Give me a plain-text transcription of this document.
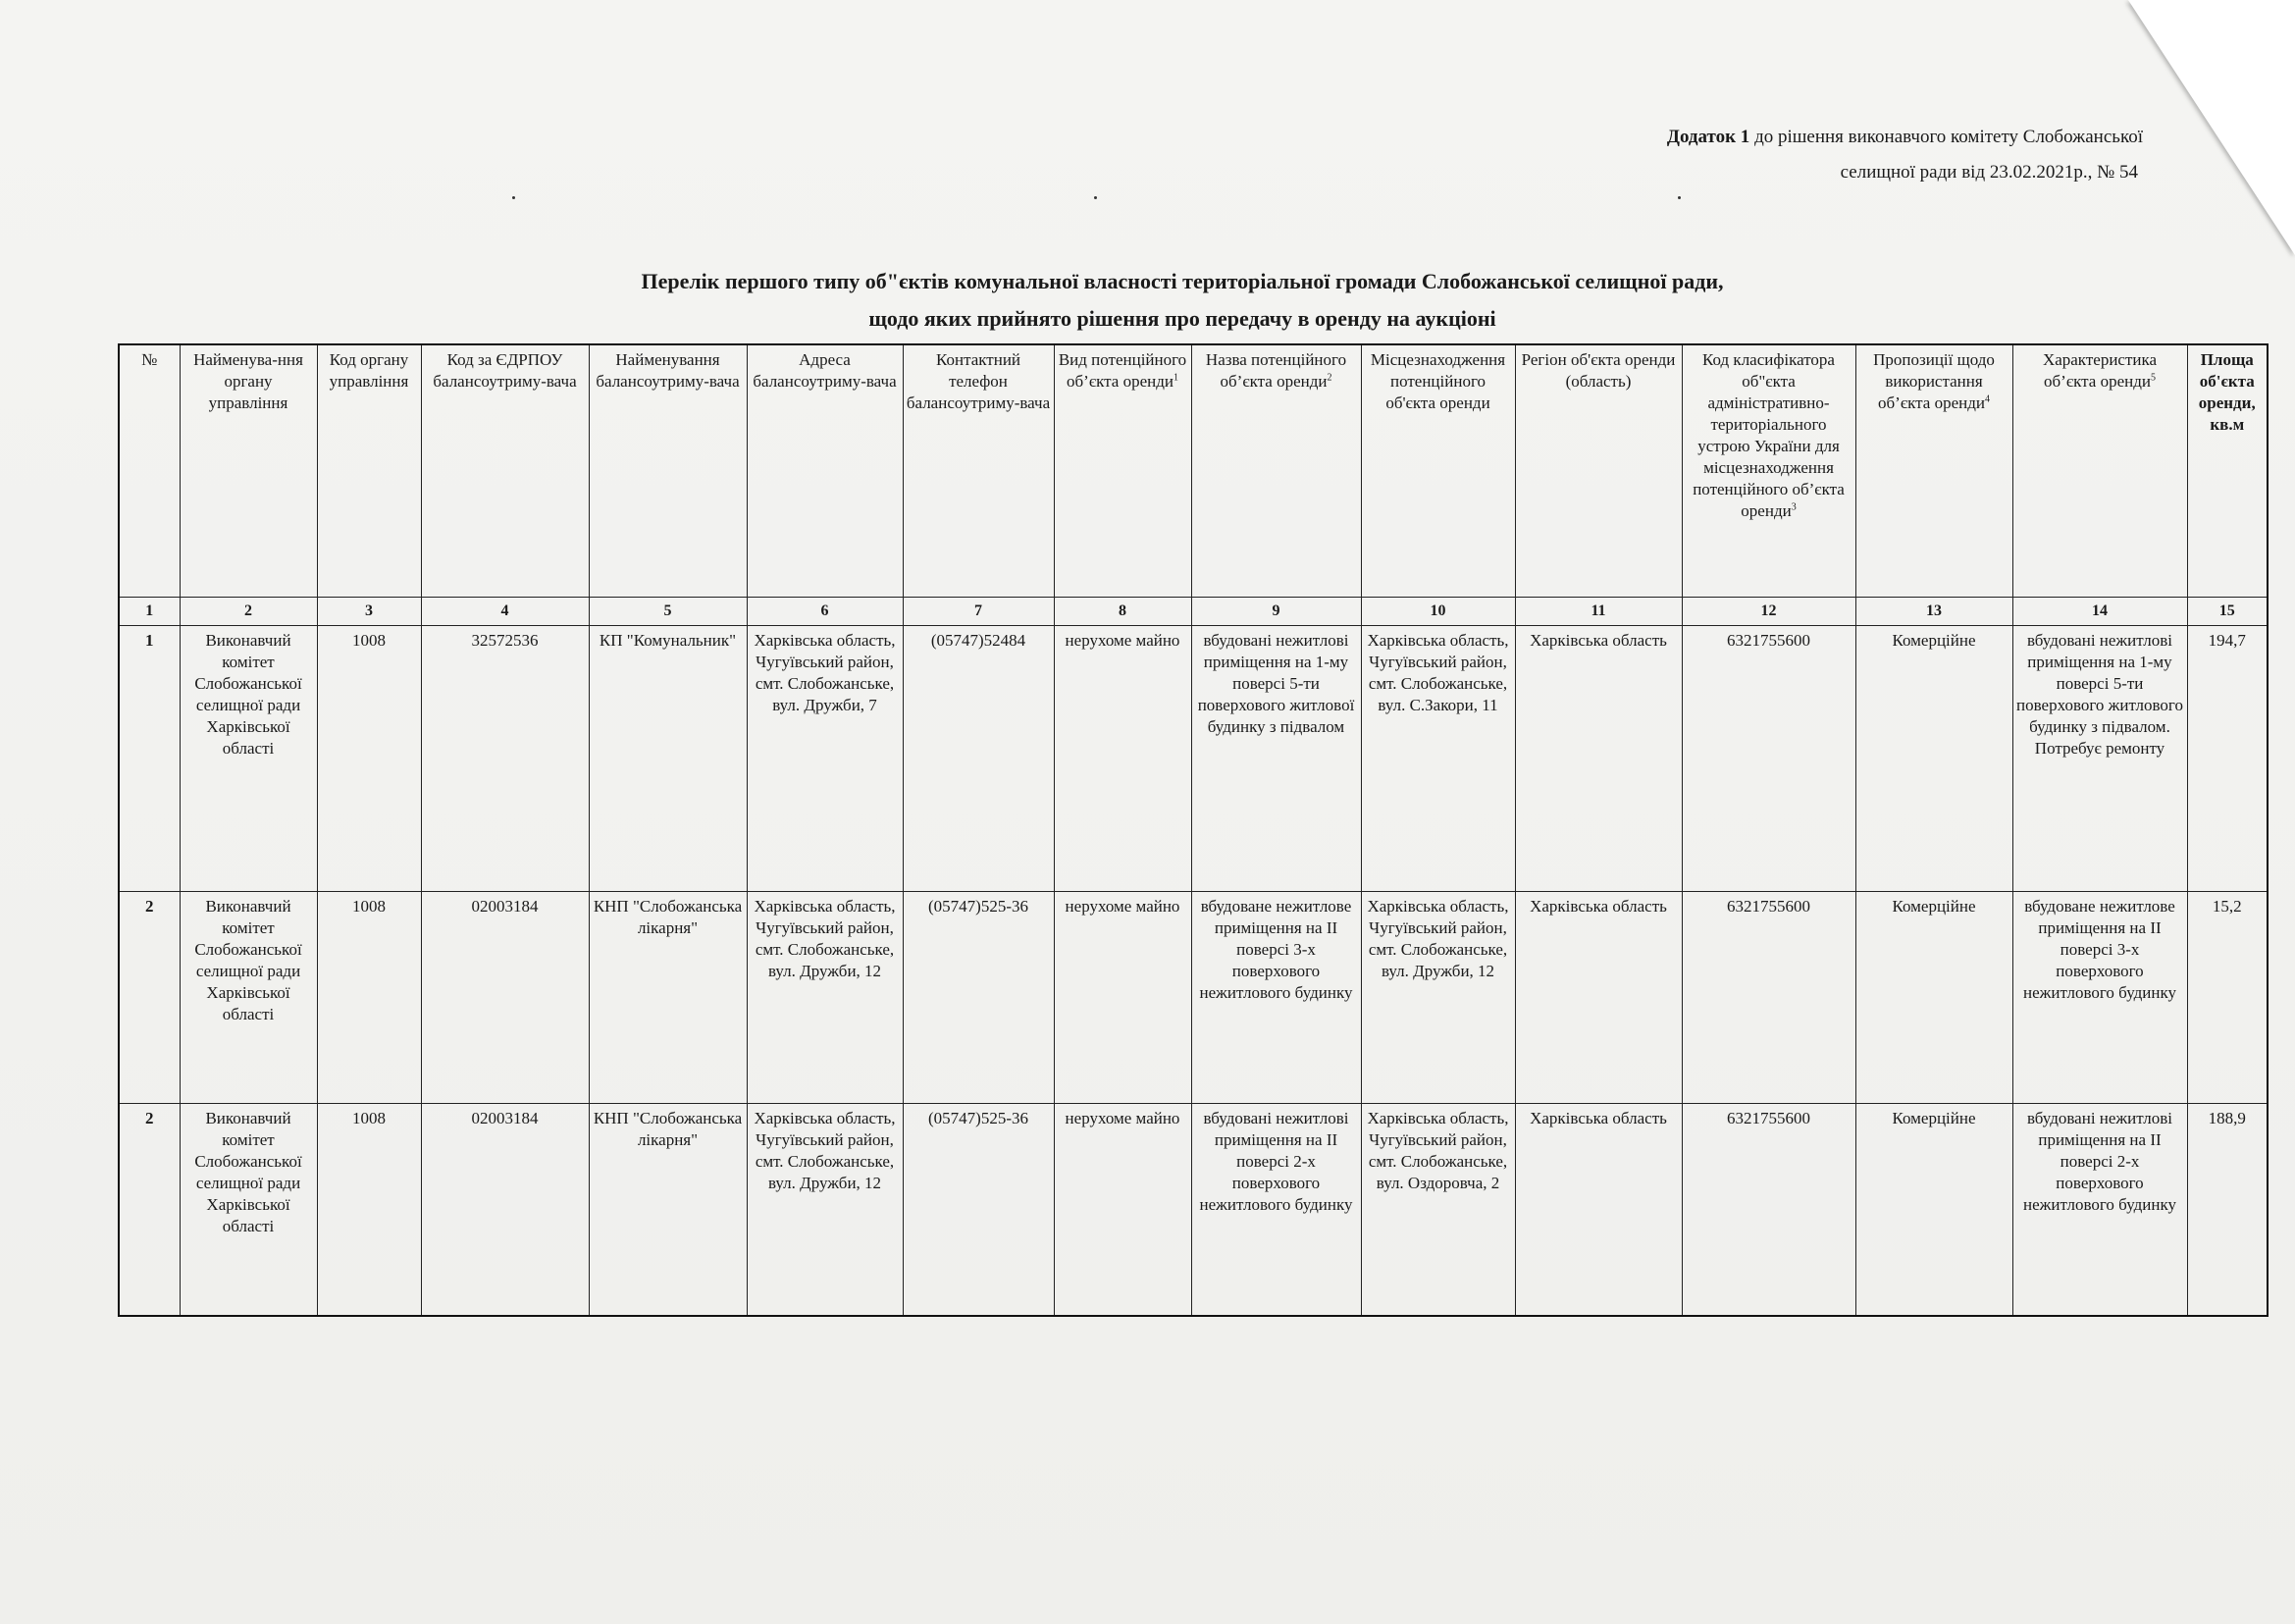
Додаток 1 до рішення виконавчого комітету Слобожанської
селищної ради від 23.02.2021р., № 54
Перелік першого типу об"єктів комунальної власності територіальної громади Слобожанської селищної ради,
щодо яких прийнято рішення про передачу в оренду на аукціоні
№	Найменува-ння органу управління	Код органу управління	Код за ЄДРПОУ балансоутриму-вача	Найменування балансоутриму-вача	Адреса балансоутриму-вача	Контактний телефон балансоутриму-вача	Вид потенційного об’єкта оренди$^1$	Назва потенційного об’єкта оренди$^2$	Місцезнаходження потенційного об'єкта оренди	Регіон об'єкта оренди (область)	Код класифікатора об"єкта адміністративно-територіального устрою України для місцезнаходження потенційного об’єкта оренди$^3$	Пропозиції щодо використання об’єкта оренди$^4$	Характеристика об’єкта оренди$^5$	Площа об'єкта оренди, кв.м
1	2	3	4	5	6	7	8	9	10	11	12	13	14	15
1	Виконавчий комітет Слобожанської селищної ради Харківської області	1008	32572536	КП "Комунальник"	Харківська область, Чугуївський район, смт. Слобожанське, вул. Дружби, 7	(05747)52484	нерухоме майно	вбудовані нежитлові приміщення на 1-му поверсі 5-ти поверхового житлової будинку з підвалом	Харківська область, Чугуївський район, смт. Слобожанське, вул. С.Закори, 11	Харківська область	6321755600	Комерційне	вбудовані нежитлові приміщення на 1-му поверсі 5-ти поверхового житлового будинку з підвалом. Потребує ремонту	194,7
2	Виконавчий комітет Слобожанської селищної ради Харківської області	1008	02003184	КНП "Слобожанська лікарня"	Харківська область, Чугуївський район, смт. Слобожанське, вул. Дружби, 12	(05747)525-36	нерухоме майно	вбудоване нежитлове приміщення на ІІ поверсі 3-х поверхового нежитлового будинку	Харківська область, Чугуївський район, смт. Слобожанське, вул. Дружби, 12	Харківська область	6321755600	Комерційне	вбудоване нежитлове приміщення на ІІ поверсі 3-х поверхового нежитлового будинку	15,2
2	Виконавчий комітет Слобожанської селищної ради Харківської області	1008	02003184	КНП "Слобожанська лікарня"	Харківська область, Чугуївський район, смт. Слобожанське, вул. Дружби, 12	(05747)525-36	нерухоме майно	вбудовані нежитлові приміщення на ІІ поверсі 2-х поверхового нежитлового будинку	Харківська область, Чугуївський район, смт. Слобожанське, вул. Оздоровча, 2	Харківська область	6321755600	Комерційне	вбудовані нежитлові приміщення на ІІ поверсі 2-х поверхового нежитлового будинку	188,9
